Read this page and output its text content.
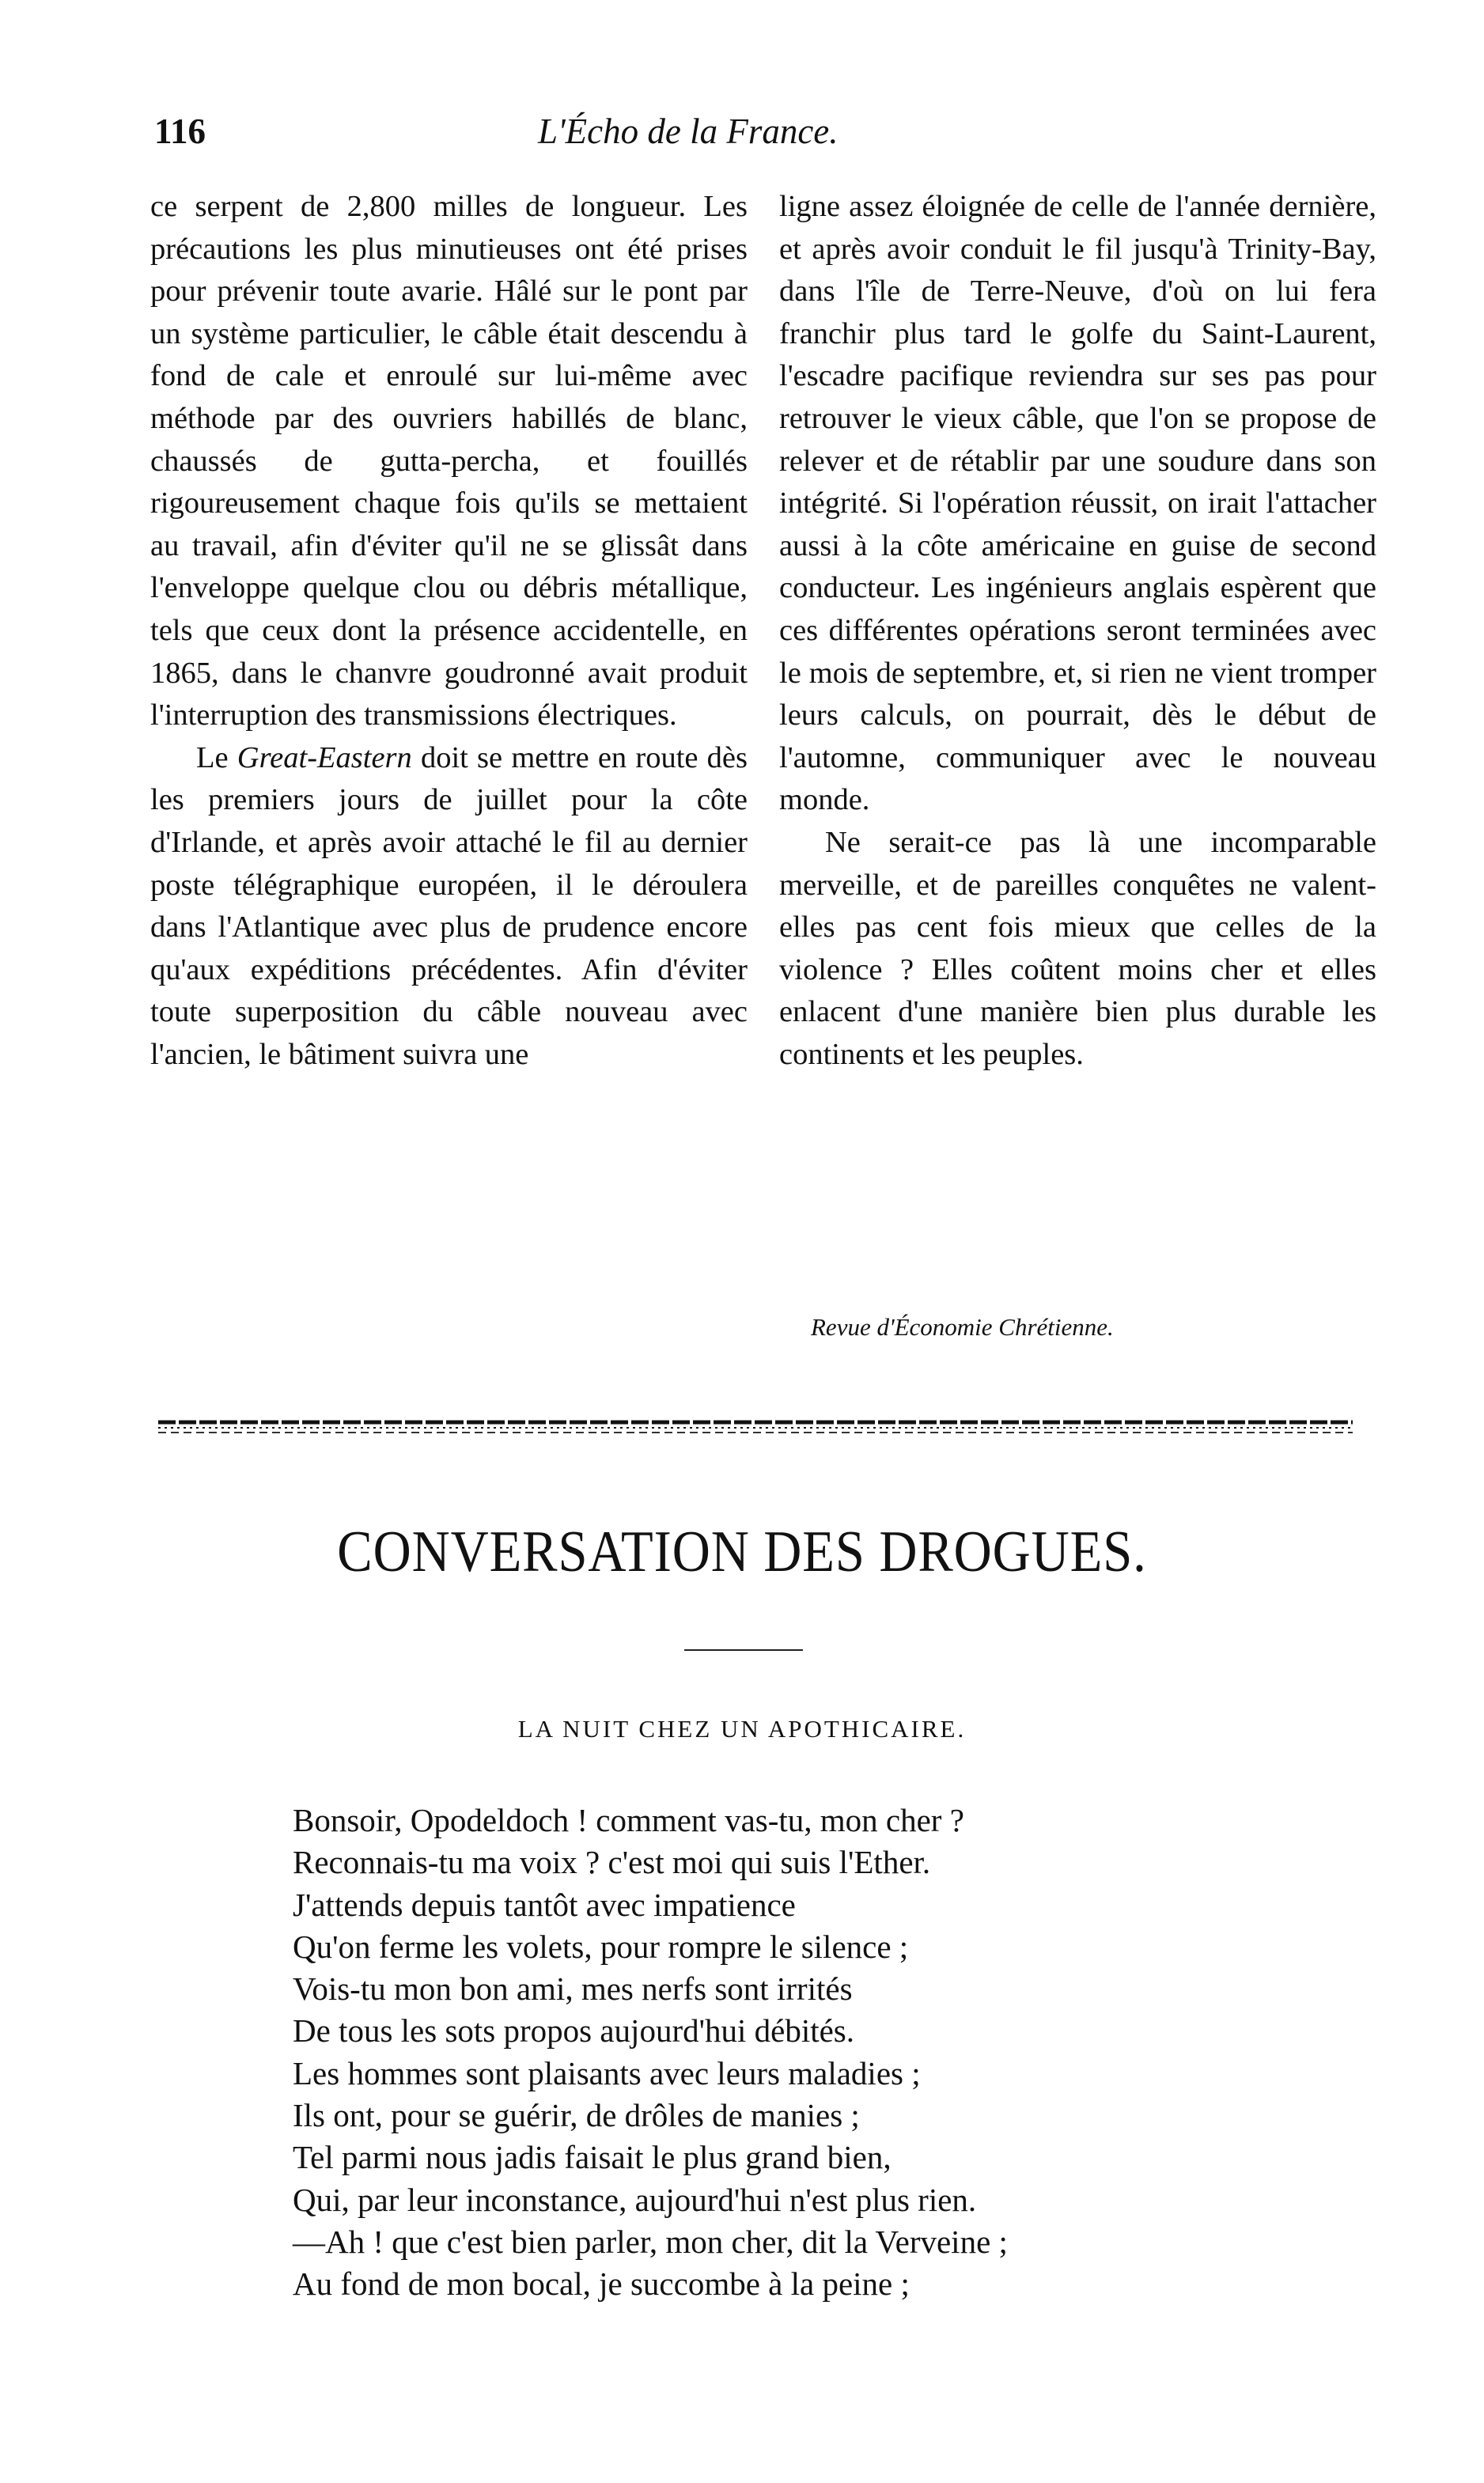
116	L'Écho de la France.

ce serpent de 2,800 milles de longueur. Les précautions les plus minutieuses ont été prises pour prévenir toute avarie. Hâlé sur le pont par un système particulier, le câble était descendu à fond de cale et enroulé sur lui-même avec méthode par des ouvriers habillés de blanc, chaussés de gutta-percha, et fouillés rigoureusement chaque fois qu'ils se mettaient au travail, afin d'éviter qu'il ne se glissât dans l'enveloppe quelque clou ou débris métallique, tels que ceux dont la présence accidentelle, en 1865, dans le chanvre goudronné avait produit l'interruption des transmissions électriques.

Le Great-Eastern doit se mettre en route dès les premiers jours de juillet pour la côte d'Irlande, et après avoir attaché le fil au dernier poste télégraphique européen, il le déroulera dans l'Atlantique avec plus de prudence encore qu'aux expéditions précédentes. Afin d'éviter toute superposition du câble nouveau avec l'ancien, le bâtiment suivra une

ligne assez éloignée de celle de l'année dernière, et après avoir conduit le fil jusqu'à Trinity-Bay, dans l'île de Terre-Neuve, d'où on lui fera franchir plus tard le golfe du Saint-Laurent, l'escadre pacifique reviendra sur ses pas pour retrouver le vieux câble, que l'on se propose de relever et de rétablir par une soudure dans son intégrité. Si l'opération réussit, on irait l'attacher aussi à la côte américaine en guise de second conducteur. Les ingénieurs anglais espèrent que ces différentes opérations seront terminées avec le mois de septembre, et, si rien ne vient tromper leurs calculs, on pourrait, dès le début de l'automne, communiquer avec le nouveau monde.

Ne serait-ce pas là une incomparable merveille, et de pareilles conquêtes ne valent-elles pas cent fois mieux que celles de la violence ? Elles coûtent moins cher et elles enlacent d'une manière bien plus durable les continents et les peuples.

Revue d'Économie Chrétienne.
CONVERSATION DES DROGUES.
LA NUIT CHEZ UN APOTHICAIRE.
Bonsoir, Opodeldoch ! comment vas-tu, mon cher ?
Reconnais-tu ma voix ? c'est moi qui suis l'Ether.
J'attends depuis tantôt avec impatience
Qu'on ferme les volets, pour rompre le silence ;
Vois-tu mon bon ami, mes nerfs sont irrités
De tous les sots propos aujourd'hui débités.
Les hommes sont plaisants avec leurs maladies ;
Ils ont, pour se guérir, de drôles de manies ;
Tel parmi nous jadis faisait le plus grand bien,
Qui, par leur inconstance, aujourd'hui n'est plus rien.
—Ah ! que c'est bien parler, mon cher, dit la Verveine ;
Au fond de mon bocal, je succombe à la peine ;
